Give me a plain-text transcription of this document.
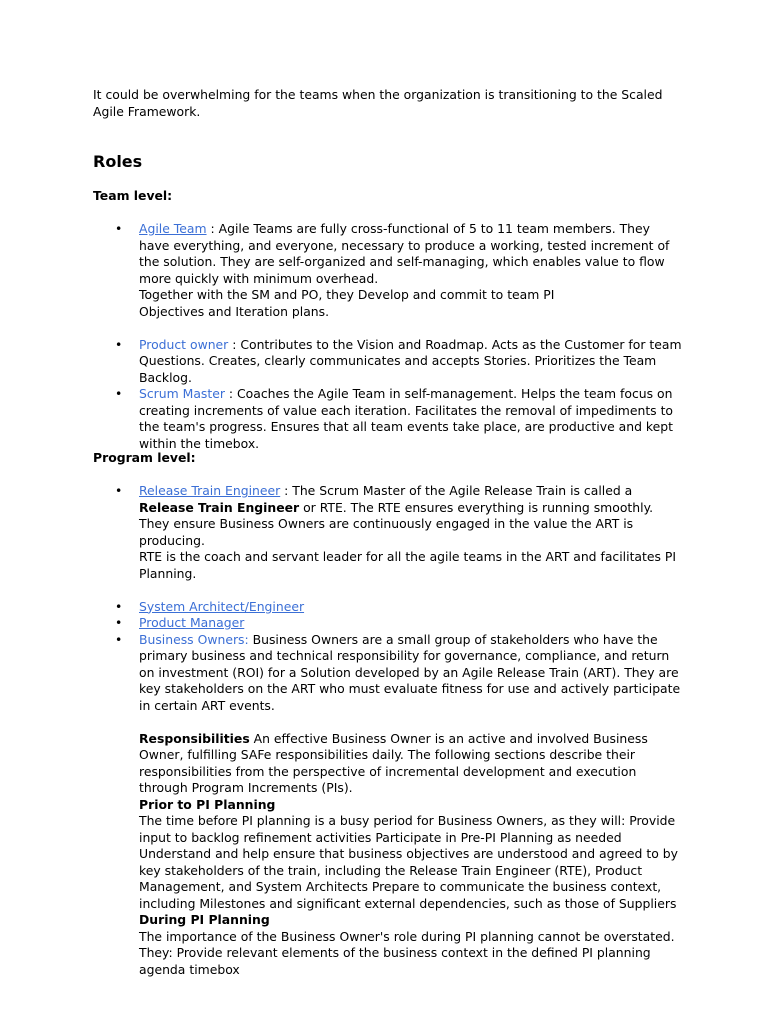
It could be overwhelming for the teams when the organization is transitioning to the Scaled Agile Framework.

Roles

Team level:

• Agile Team : Agile Teams are fully cross-functional of 5 to 11 team members. They have everything, and everyone, necessary to produce a working, tested increment of the solution. They are self-organized and self-managing, which enables value to flow more quickly with minimum overhead.

Together with the SM and PO, they Develop and commit to team PI Objectives and Iteration plans.

• Product owner : Contributes to the Vision and Roadmap. Acts as the Customer for team Questions. Creates, clearly communicates and accepts Stories. Prioritizes the Team Backlog.
• Scrum Master : Coaches the Agile Team in self-management. Helps the team focus on creating increments of value each iteration. Facilitates the removal of impediments to the team's progress. Ensures that all team events take place, are productive and kept within the timebox.

Program level:

• Release Train Engineer : The Scrum Master of the Agile Release Train is called a Release Train Engineer or RTE. The RTE ensures everything is running smoothly. They ensure Business Owners are continuously engaged in the value the ART is producing.

RTE is the coach and servant leader for all the agile teams in the ART and facilitates PI Planning.

• System Architect/Engineer
• Product Manager
• Business Owners: Business Owners are a small group of stakeholders who have the primary business and technical responsibility for governance, compliance, and return on investment (ROI) for a Solution developed by an Agile Release Train (ART). They are key stakeholders on the ART who must evaluate fitness for use and actively participate in certain ART events.

Responsibilities An effective Business Owner is an active and involved Business Owner, fulfilling SAFe responsibilities daily. The following sections describe their responsibilities from the perspective of incremental development and execution through Program Increments (PIs).

Prior to PI Planning

The time before PI planning is a busy period for Business Owners, as they will: Provide input to backlog refinement activities Participate in Pre-PI Planning as needed Understand and help ensure that business objectives are understood and agreed to by key stakeholders of the train, including the Release Train Engineer (RTE), Product Management, and System Architects Prepare to communicate the business context, including Milestones and significant external dependencies, such as those of Suppliers

During PI Planning

The importance of the Business Owner's role during PI planning cannot be overstated. They: Provide relevant elements of the business context in the defined PI planning agenda timebox
